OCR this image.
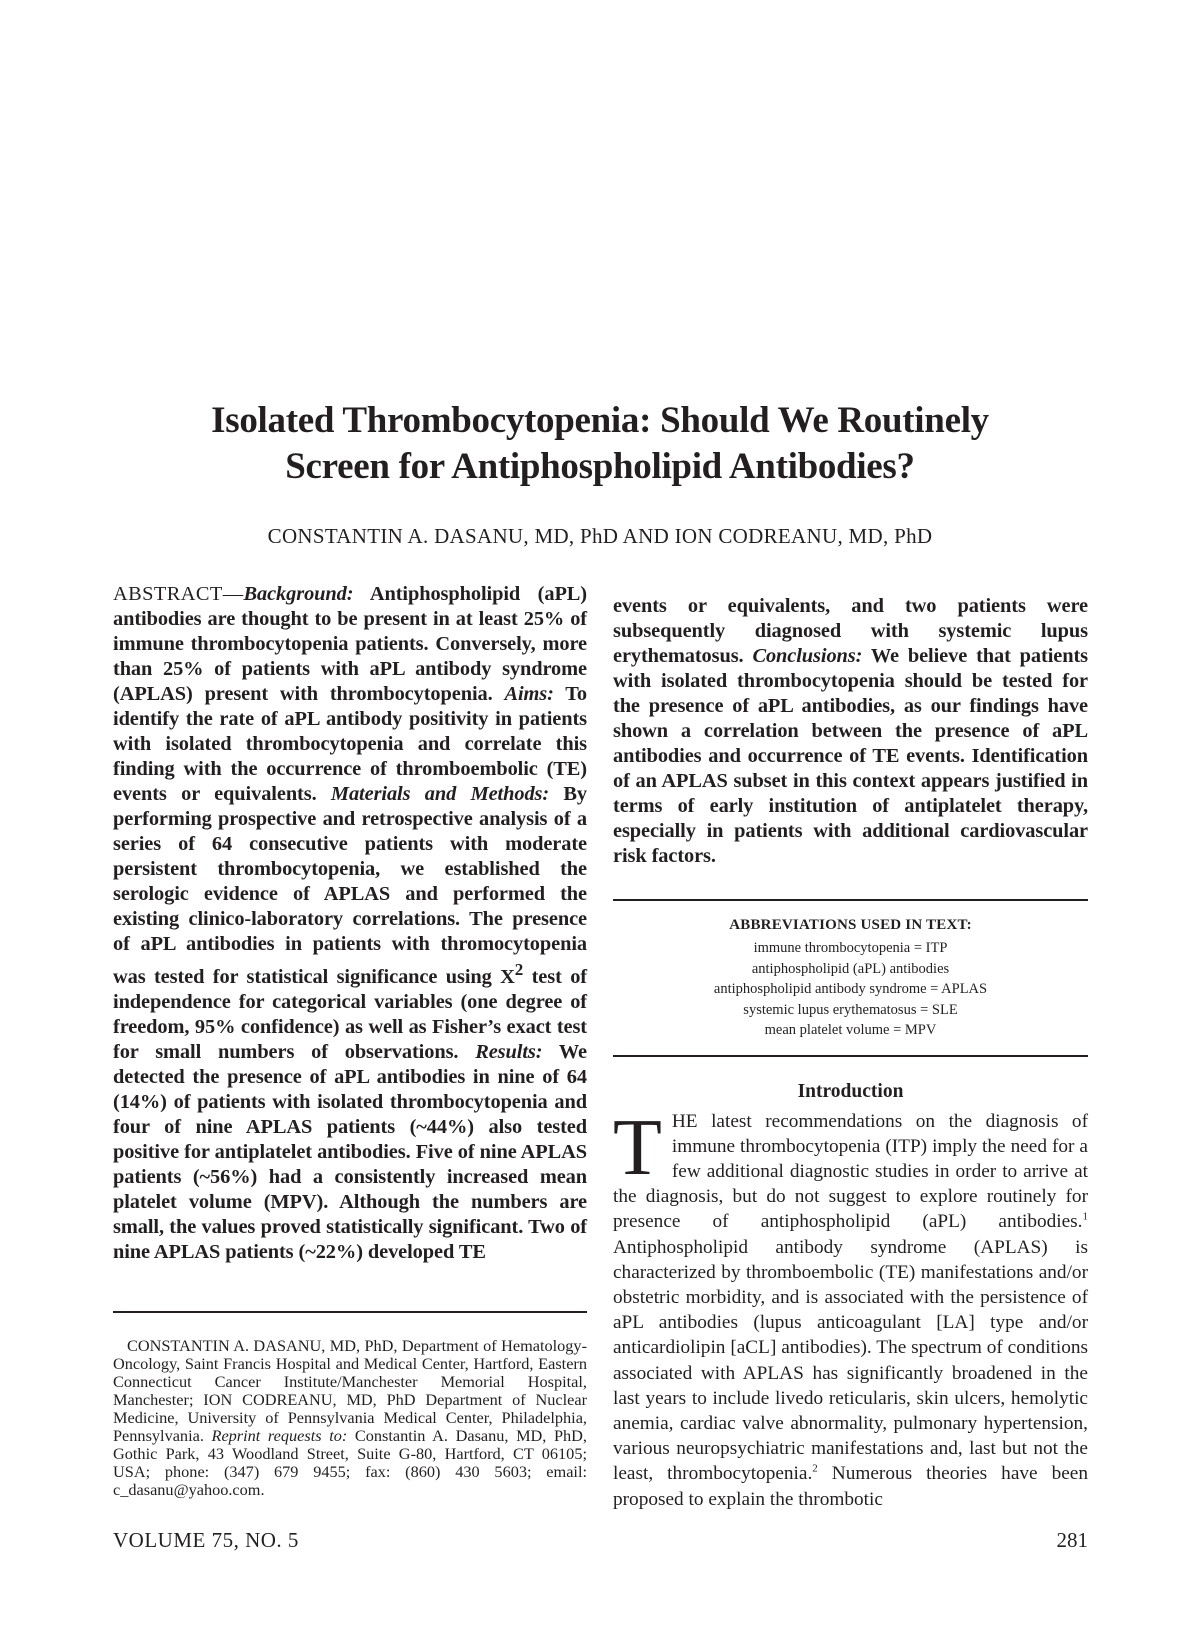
Isolated Thrombocytopenia: Should We Routinely
Screen for Antiphospholipid Antibodies?
CONSTANTIN A. DASANU, MD, PhD AND ION CODREANU, MD, PhD

ABSTRACT—Background: Antiphospholipid (aPL) antibodies are thought to be present in at least 25% of immune thrombocytopenia patients. Conversely, more than 25% of patients with aPL antibody syndrome (APLAS) present with thrombocytopenia. Aims: To identify the rate of aPL antibody positivity in patients with isolated thrombocytopenia and correlate this finding with the occurrence of thromboembolic (TE) events or equivalents. Materials and Methods: By performing prospective and retrospective analysis of a series of 64 consecutive patients with moderate persistent thrombocytopenia, we established the serologic evidence of APLAS and performed the existing clinico-laboratory correlations. The presence of aPL antibodies in patients with thromocytopenia was tested for statistical significance using $X^2$ test of independence for categorical variables (one degree of freedom, 95% confidence) as well as Fisher’s exact test for small numbers of observations. Results: We detected the presence of aPL antibodies in nine of 64 (14%) of patients with isolated thrombocytopenia and four of nine APLAS patients (~44%) also tested positive for antiplatelet antibodies. Five of nine APLAS patients (~56%) had a consistently increased mean platelet volume (MPV). Although the numbers are small, the values proved statistically significant. Two of nine APLAS patients (~22%) developed TE

CONSTANTIN A. DASANU, MD, PhD, Department of Hematology-Oncology, Saint Francis Hospital and Medical Center, Hartford, Eastern Connecticut Cancer Institute/Manchester Memorial Hospital, Manchester; ION CODREANU, MD, PhD Department of Nuclear Medicine, University of Pennsylvania Medical Center, Philadelphia, Pennsylvania. Reprint requests to: Constantin A. Dasanu, MD, PhD, Gothic Park, 43 Woodland Street, Suite G-80, Hartford, CT 06105; USA; phone: (347) 679 9455; fax: (860) 430 5603; email: c_dasanu@yahoo.com.

events or equivalents, and two patients were subsequently diagnosed with systemic lupus erythematosus. Conclusions: We believe that patients with isolated thrombocytopenia should be tested for the presence of aPL antibodies, as our findings have shown a correlation between the presence of aPL antibodies and occurrence of TE events. Identification of an APLAS subset in this context appears justified in terms of early institution of antiplatelet therapy, especially in patients with additional cardiovascular risk factors.

ABBREVIATIONS USED IN TEXT:
immune thrombocytopenia = ITP
antiphospholipid (aPL) antibodies
antiphospholipid antibody syndrome = APLAS
systemic lupus erythematosus = SLE
mean platelet volume = MPV
Introduction

THE latest recommendations on the diagnosis of immune thrombocytopenia (ITP) imply the need for a few additional diagnostic studies in order to arrive at the diagnosis, but do not suggest to explore routinely for presence of antiphospholipid (aPL) antibodies.$^1$ Antiphospholipid antibody syndrome (APLAS) is characterized by thromboembolic (TE) manifestations and/or obstetric morbidity, and is associated with the persistence of aPL antibodies (lupus anticoagulant [LA] type and/or anticardiolipin [aCL] antibodies). The spectrum of conditions associated with APLAS has significantly broadened in the last years to include livedo reticularis, skin ulcers, hemolytic anemia, cardiac valve abnormality, pulmonary hypertension, various neuropsychiatric manifestations and, last but not the least, thrombocytopenia.$^2$ Numerous theories have been proposed to explain the thrombotic

VOLUME 75, NO. 5	281
